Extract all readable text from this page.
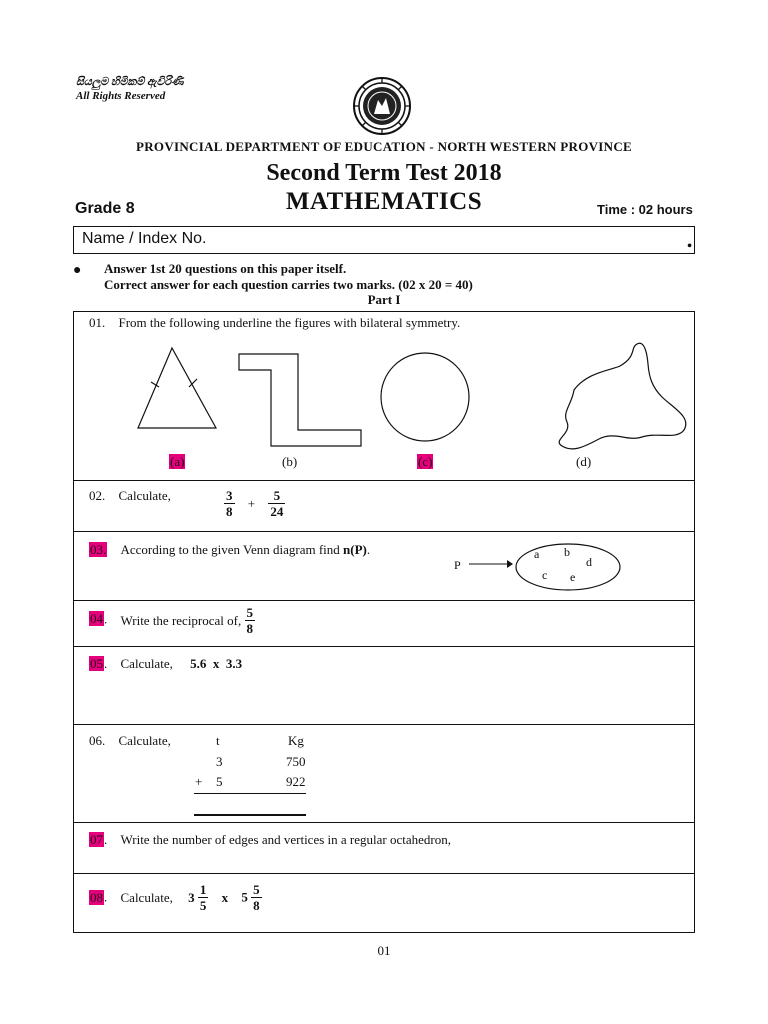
සියලුම හිමිකම් ඇවිරිණි
All Rights Reserved
PROVINCIAL DEPARTMENT OF EDUCATION - NORTH WESTERN PROVINCE
Second Term Test 2018
MATHEMATICS
Grade 8	Time : 02 hours
Name / Index No.	•
● Answer 1st 20 questions on this paper itself.
Correct answer for each question carries two marks. (02 x 20 = 40)
Part I
01. From the following underline the figures with bilateral symmetry.
(a)	(b)	(c)	(d)
02. Calculate,	$\frac{3}{8} + \frac{5}{24}$
03. According to the given Venn diagram find n(P).
P
a b
d
c e
04. Write the reciprocal of, $\frac{5}{8}$
05. Calculate, 5.6  x  3.3
06. Calculate,	t	Kg
3	750
+ 5	922
07. Write the number of edges and vertices in a regular octahedron,
08. Calculate, $3 \frac{1}{5}$ x $5 \frac{5}{8}$
01
